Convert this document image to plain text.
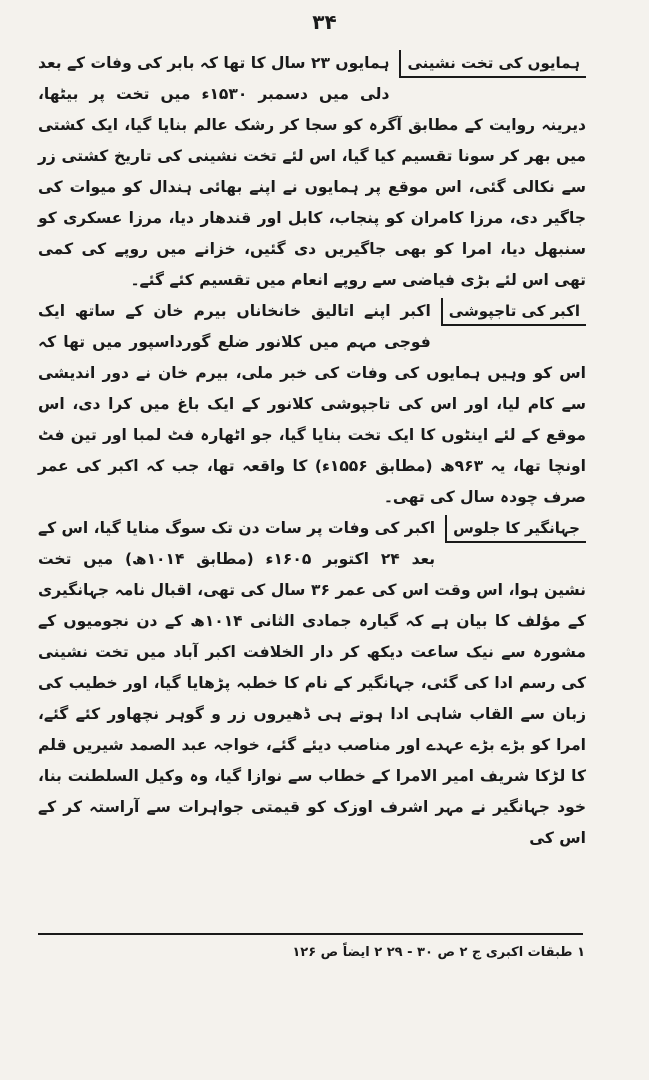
۳۴

ہمایوں کی تخت نشینی
ہمایوں ۲۳ سال کا تھا کہ بابر کی وفات کے بعد دلی میں دسمبر ۱۵۳۰ء میں تخت پر بیٹھا، دیرینہ روایت کے مطابق آگرہ کو سجا کر رشک عالم بنایا گیا، ایک کشتی میں بھر کر سونا تقسیم کیا گیا، اس لئے تخت نشینی کی تاریخ کشتی زر سے نکالی گئی، اس موقع پر ہمایوں نے اپنے بھائی ہندال کو میوات کی جاگیر دی، مرزا کامران کو پنجاب، کابل اور قندھار دیا، مرزا عسکری کو سنبھل دیا، امرا کو بھی جاگیریں دی گئیں، خزانے میں روپے کی کمی تھی اس لئے بڑی فیاضی سے روپے انعام میں تقسیم کئے گئے۔

اکبر کی تاجپوشی
اکبر اپنے اتالیق خانخاناں بیرم خان کے ساتھ ایک فوجی مہم میں کلانور ضلع گورداسپور میں تھا کہ اس کو وہیں ہمایوں کی وفات کی خبر ملی، بیرم خان نے دور اندیشی سے کام لیا، اور اس کی تاجپوشی کلانور کے ایک باغ میں کرا دی، اس موقع کے لئے اینٹوں کا ایک تخت بنایا گیا، جو اٹھارہ فٹ لمبا اور تین فٹ اونچا تھا، یہ ۹۶۳ھ (مطابق ۱۵۵۶ء) کا واقعہ تھا، جب کہ اکبر کی عمر صرف چودہ سال کی تھی۔

جہانگیر کا جلوس
اکبر کی وفات پر سات دن تک سوگ منایا گیا، اس کے بعد ۲۴ اکتوبر ۱۶۰۵ء (مطابق ۱۰۱۴ھ) میں تخت نشین ہوا، اس وقت اس کی عمر ۳۶ سال کی تھی، اقبال نامہ جہانگیری کے مؤلف کا بیان ہے کہ گیارہ جمادی الثانی ۱۰۱۴ھ کے دن نجومیوں کے مشورہ سے نیک ساعت دیکھ کر دار الخلافت اکبر آباد میں تخت نشینی کی رسم ادا کی گئی، جہانگیر کے نام کا خطبہ پڑھایا گیا، اور خطیب کی زبان سے القاب شاہی ادا ہوتے ہی ڈھیروں زر و گوہر نچھاور کئے گئے، امرا کو بڑے بڑے عہدے اور مناصب دیئے گئے، خواجہ عبد الصمد شیریں قلم کا لڑکا شریف امیر الامرا کے خطاب سے نوازا گیا، وہ وکیل السلطنت بنا، خود جہانگیر نے مہر اشرف اوزک کو قیمتی جواہرات سے آراستہ کر کے اس کی

۱ طبقات اکبری ج ۲ ص ۳۰ - ۲۹ ۲ ایضاً ص ۱۲۶
